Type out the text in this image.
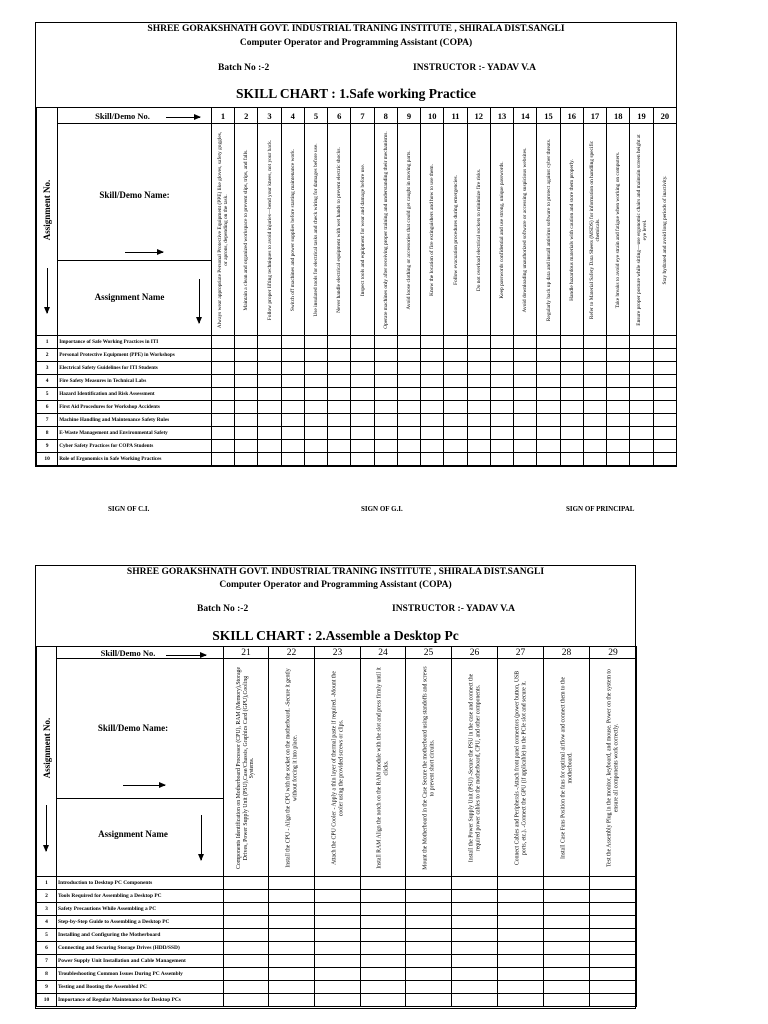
SHREE GORAKSHNATH GOVT. INDUSTRIAL TRANING INSTITUTE , SHIRALA DIST.SANGLI
Computer Operator and Programming Assistant (COPA)
Batch No :-2	INSTRUCTOR :- YADAV V.A
SKILL CHART : 1.Safe working Practice
Assignment No.	Skill/Demo No.	1	2	3	4	5	6	7	8	9	10	11	12	13	14	15	16	17	18	19	20

	Skill/Demo Name:	Always wear appropriate Personal Protective Equipment (PPE) like gloves, safety goggles, or aprons, depending on the task.	Maintain a clean and organized workspace to prevent slips, trips, and falls.	Follow proper lifting techniques to avoid injuries—bend your knees, not your back.	Switch off machines and power supplies before starting maintenance work.	Use insulated tools for electrical tasks and check wiring for damages before use.	Never handle electrical equipment with wet hands to prevent electric shocks.	Inspect tools and equipment for wear and damage before use.	Operate machines only after receiving proper training and understanding their mechanisms.	Avoid loose clothing or accessories that could get caught in moving parts.	Know the location of fire extinguishers and how to use them.	Follow evacuation procedures during emergencies.	Do not overload electrical sockets to minimize fire risks.	Keep passwords confidential and use strong, unique passwords.	Avoid downloading unauthorized software or accessing suspicious websites.	Regularly back up data and install antivirus software to protect against cyber threats.	Handle hazardous materials with caution and store them properly.	Refer to Material Safety Data Sheets (MSDS) for information on handling specific chemicals.	Take breaks to avoid eye strain and fatigue when working on computers.	Ensure proper posture while sitting—use ergonomic chairs and maintain screen height at eye level.	Stay hydrated and avoid long periods of inactivity.

	Assignment Name																				

1	Importance of Safe Working Practices in ITI																				
2	Personal Protective Equipment (PPE) in Workshops																				
3	Electrical Safety Guidelines for ITI Students																				
4	Fire Safety Measures in Technical Labs																				
5	Hazard Identification and Risk Assessment																				
6	First Aid Procedures for Workshop Accidents																				
7	Machine Handling and Maintenance Safety Rules																				
8	E-Waste Management and Environmental Safety																				
9	Cyber Safety Practices for COPA Students																				
10	Role of Ergonomics in Safe Working Practices																				
SIGN OF C.I.	SIGN OF G.I.	SIGN OF PRINCIPAL
SHREE GORAKSHNATH GOVT. INDUSTRIAL TRANING INSTITUTE , SHIRALA DIST.SANGLI
Computer Operator and Programming Assistant (COPA)
Batch No :-2	INSTRUCTOR :- YADAV V.A
SKILL CHART : 2.Assemble a Desktop Pc
Assignment No.	Skill/Demo No.	21	22	23	24	25	26	27	28	29

	Skill/Demo Name:	Components Identification on Motherboard Processor (CPU), RAM (Memory),Storage Drives, Power Supply Unit (PSU),Case/Chassis, Graphics Card (GPU),Cooling Systems.	Install the CPU - Align the CPU with the socket on the motherboard. -Secure it gently without forcing it into place.	Attach the CPU Cooler - Apply a thin layer of thermal paste if required. -Mount the cooler using the provided screws or clips.	Install RAM Align the notch on the RAM module with the slot and press firmly until it clicks.	Mount the Motherboard in the Case Secure the motherboard using standoffs and screws to prevent short circuits.	Install the Power Supply Unit (PSU) -Secure the PSU in the case and connect the required power cables to the motherboard, CPU, and other components.	Connect Cables and Peripherals -Attach front panel connectors (power button, USB ports, etc.). -Connect the GPU (if applicable) to the PCIe slot and secure it.	Install Case Fans Position the fans for optimal airflow and connect them to the motherboard.	Test the Assembly Plug in the monitor, keyboard, and mouse. Power on the system to ensure all components work correctly.

	Assignment Name									

1	Introduction to Desktop PC Components									
2	Tools Required for Assembling a Desktop PC									
3	Safety Precautions While Assembling a PC									
4	Step-by-Step Guide to Assembling a Desktop PC									
5	Installing and Configuring the Motherboard									
6	Connecting and Securing Storage Drives (HDD/SSD)									
7	Power Supply Unit Installation and Cable Management									
8	Troubleshooting Common Issues During PC Assembly									
9	Testing and Booting the Assembled PC									
10	Importance of Regular Maintenance for Desktop PCs									
